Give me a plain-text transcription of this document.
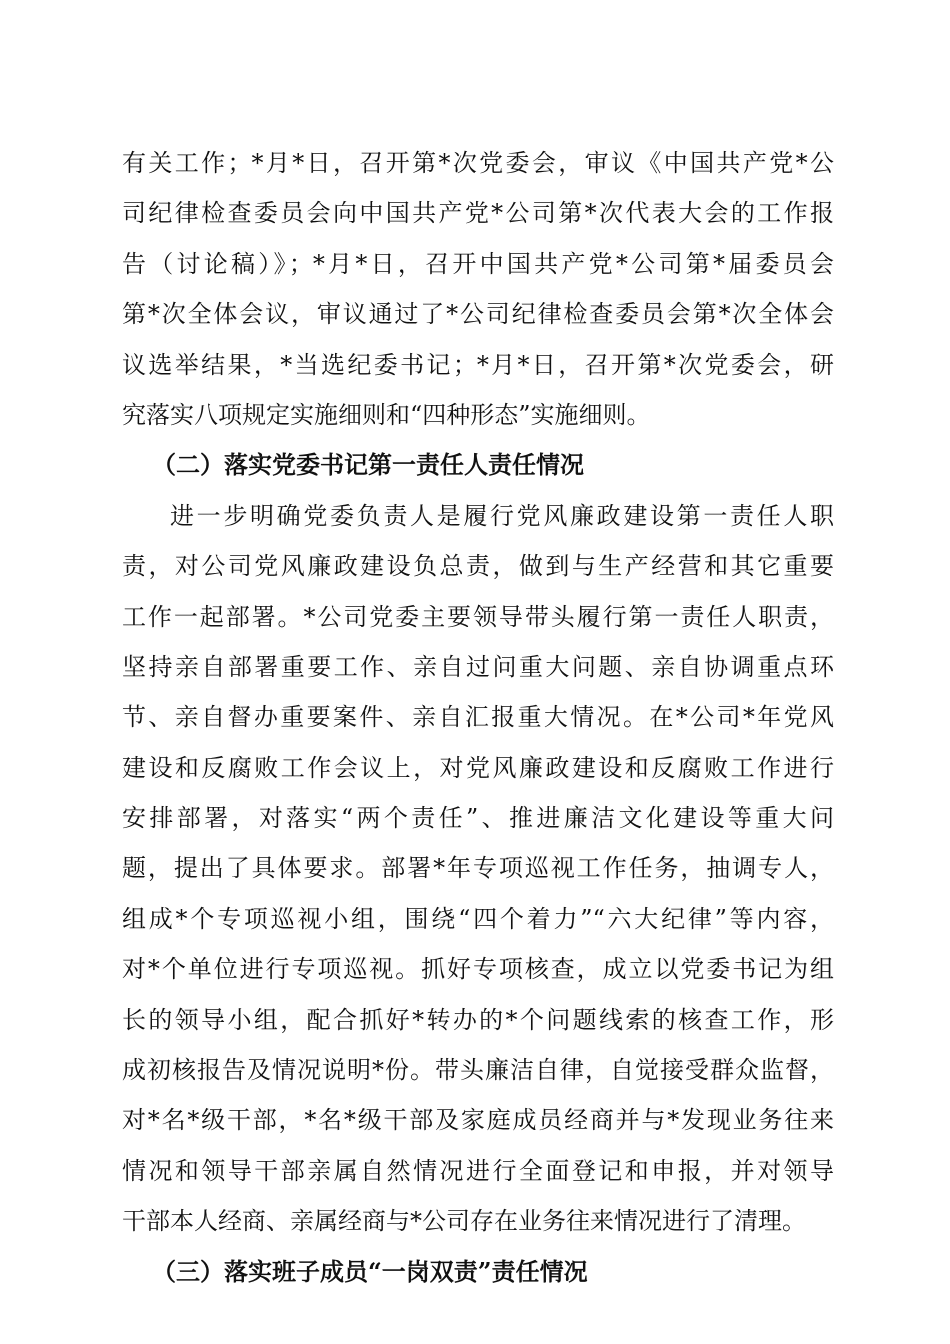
有关工作；*月*日，召开第*次党委会，审议《中国共产党*公
司纪律检查委员会向中国共产党*公司第*次代表大会的工作报
告（讨论稿）》；*月*日，召开中国共产党*公司第*届委员会
第*次全体会议，审议通过了*公司纪律检查委员会第*次全体会
议选举结果，*当选纪委书记；*月*日，召开第*次党委会，研
究落实八项规定实施细则和“四种形态”实施细则。
（二）落实党委书记第一责任人责任情况
进一步明确党委负责人是履行党风廉政建设第一责任人职
责，对公司党风廉政建设负总责，做到与生产经营和其它重要
工作一起部署。*公司党委主要领导带头履行第一责任人职责，
坚持亲自部署重要工作、亲自过问重大问题、亲自协调重点环
节、亲自督办重要案件、亲自汇报重大情况。在*公司*年党风
建设和反腐败工作会议上，对党风廉政建设和反腐败工作进行
安排部署，对落实“两个责任”、推进廉洁文化建设等重大问
题，提出了具体要求。部署*年专项巡视工作任务，抽调专人，
组成*个专项巡视小组，围绕“四个着力”“六大纪律”等内容，
对*个单位进行专项巡视。抓好专项核查，成立以党委书记为组
长的领导小组，配合抓好*转办的*个问题线索的核查工作，形
成初核报告及情况说明*份。带头廉洁自律，自觉接受群众监督，
对*名*级干部，*名*级干部及家庭成员经商并与*发现业务往来
情况和领导干部亲属自然情况进行全面登记和申报，并对领导
干部本人经商、亲属经商与*公司存在业务往来情况进行了清理。
（三）落实班子成员“一岗双责”责任情况
